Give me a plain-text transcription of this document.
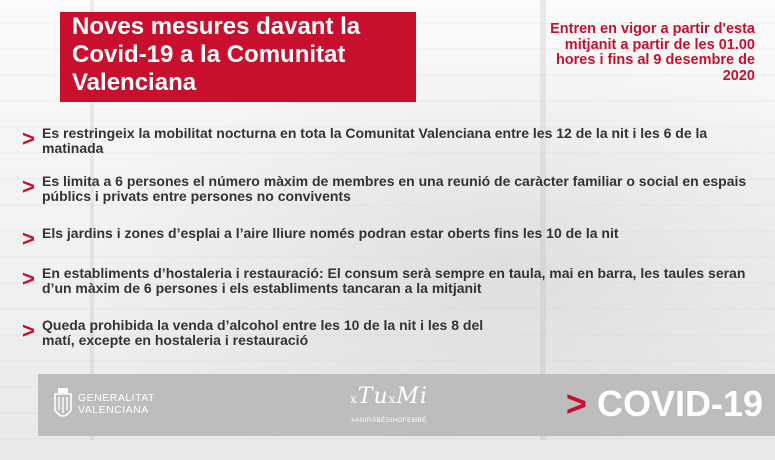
Noves mesures davant la Covid-19 a la Comunitat Valenciana

Entren en vigor a partir d'esta mitjanit a partir de les 01.00 hores i fins al 9 desembre de 2020

> Es restringeix la mobilitat nocturna en tota la Comunitat Valenciana entre les 12 de la nit i les 6 de la matinada
> Es limita a 6 persones el número màxim de membres en una reunió de caràcter familiar o social en espais públics i privats entre persones no convivents
> Els jardins i zones d’esplai a l’aire lliure només podran estar oberts fins les 10 de la nit
> En establiments d’hostaleria i restauració: El consum serà sempre en taula, mai en barra, les taules seran d’un màxim de 6 persones i els establiments tancaran a la mitjanit
> Queda prohibida la venda d’alcohol entre les 10 de la nit i les 8 del matí, excepte en hostaleria i restauració
GENERALITAT
VALENCIANA
xTuxMi
#ANIRÀBÉSIHOFEMBÉ	> COVID-19
